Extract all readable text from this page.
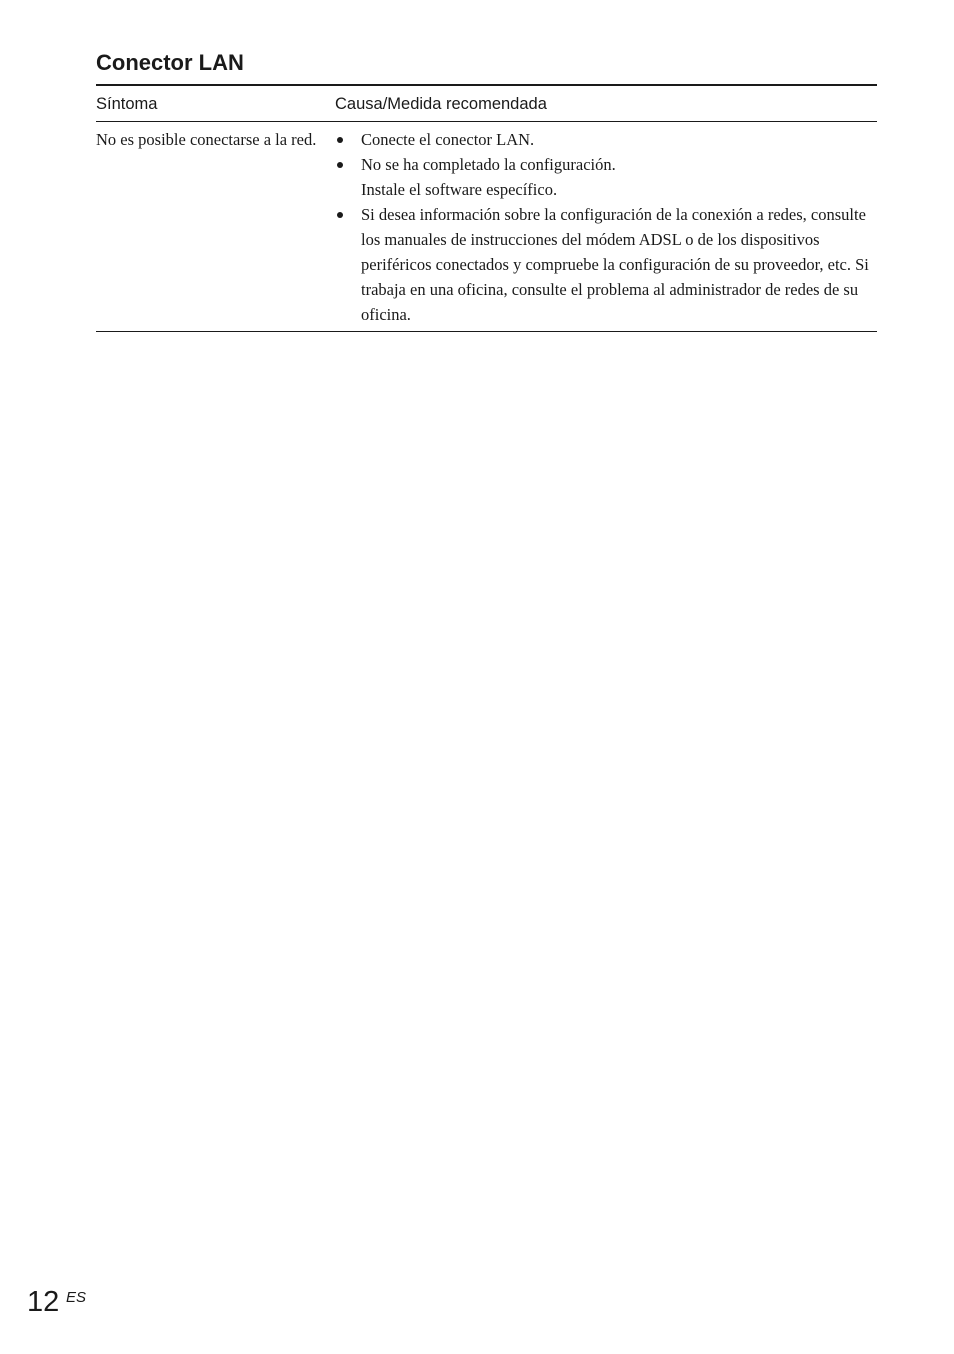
Conector LAN
Síntoma	Causa/Medida recomendada
No es posible conectarse a la red.	Conecte el conector LAN.
No se ha completado la configuración.
Instale el software específico.
Si desea información sobre la configuración de la conexión a redes, consulte los manuales de instrucciones del módem ADSL o de los dispositivos periféricos conectados y compruebe la configuración de su proveedor, etc. Si trabaja en una oficina, consulte el problema al administrador de redes de su oficina.
12 ES
